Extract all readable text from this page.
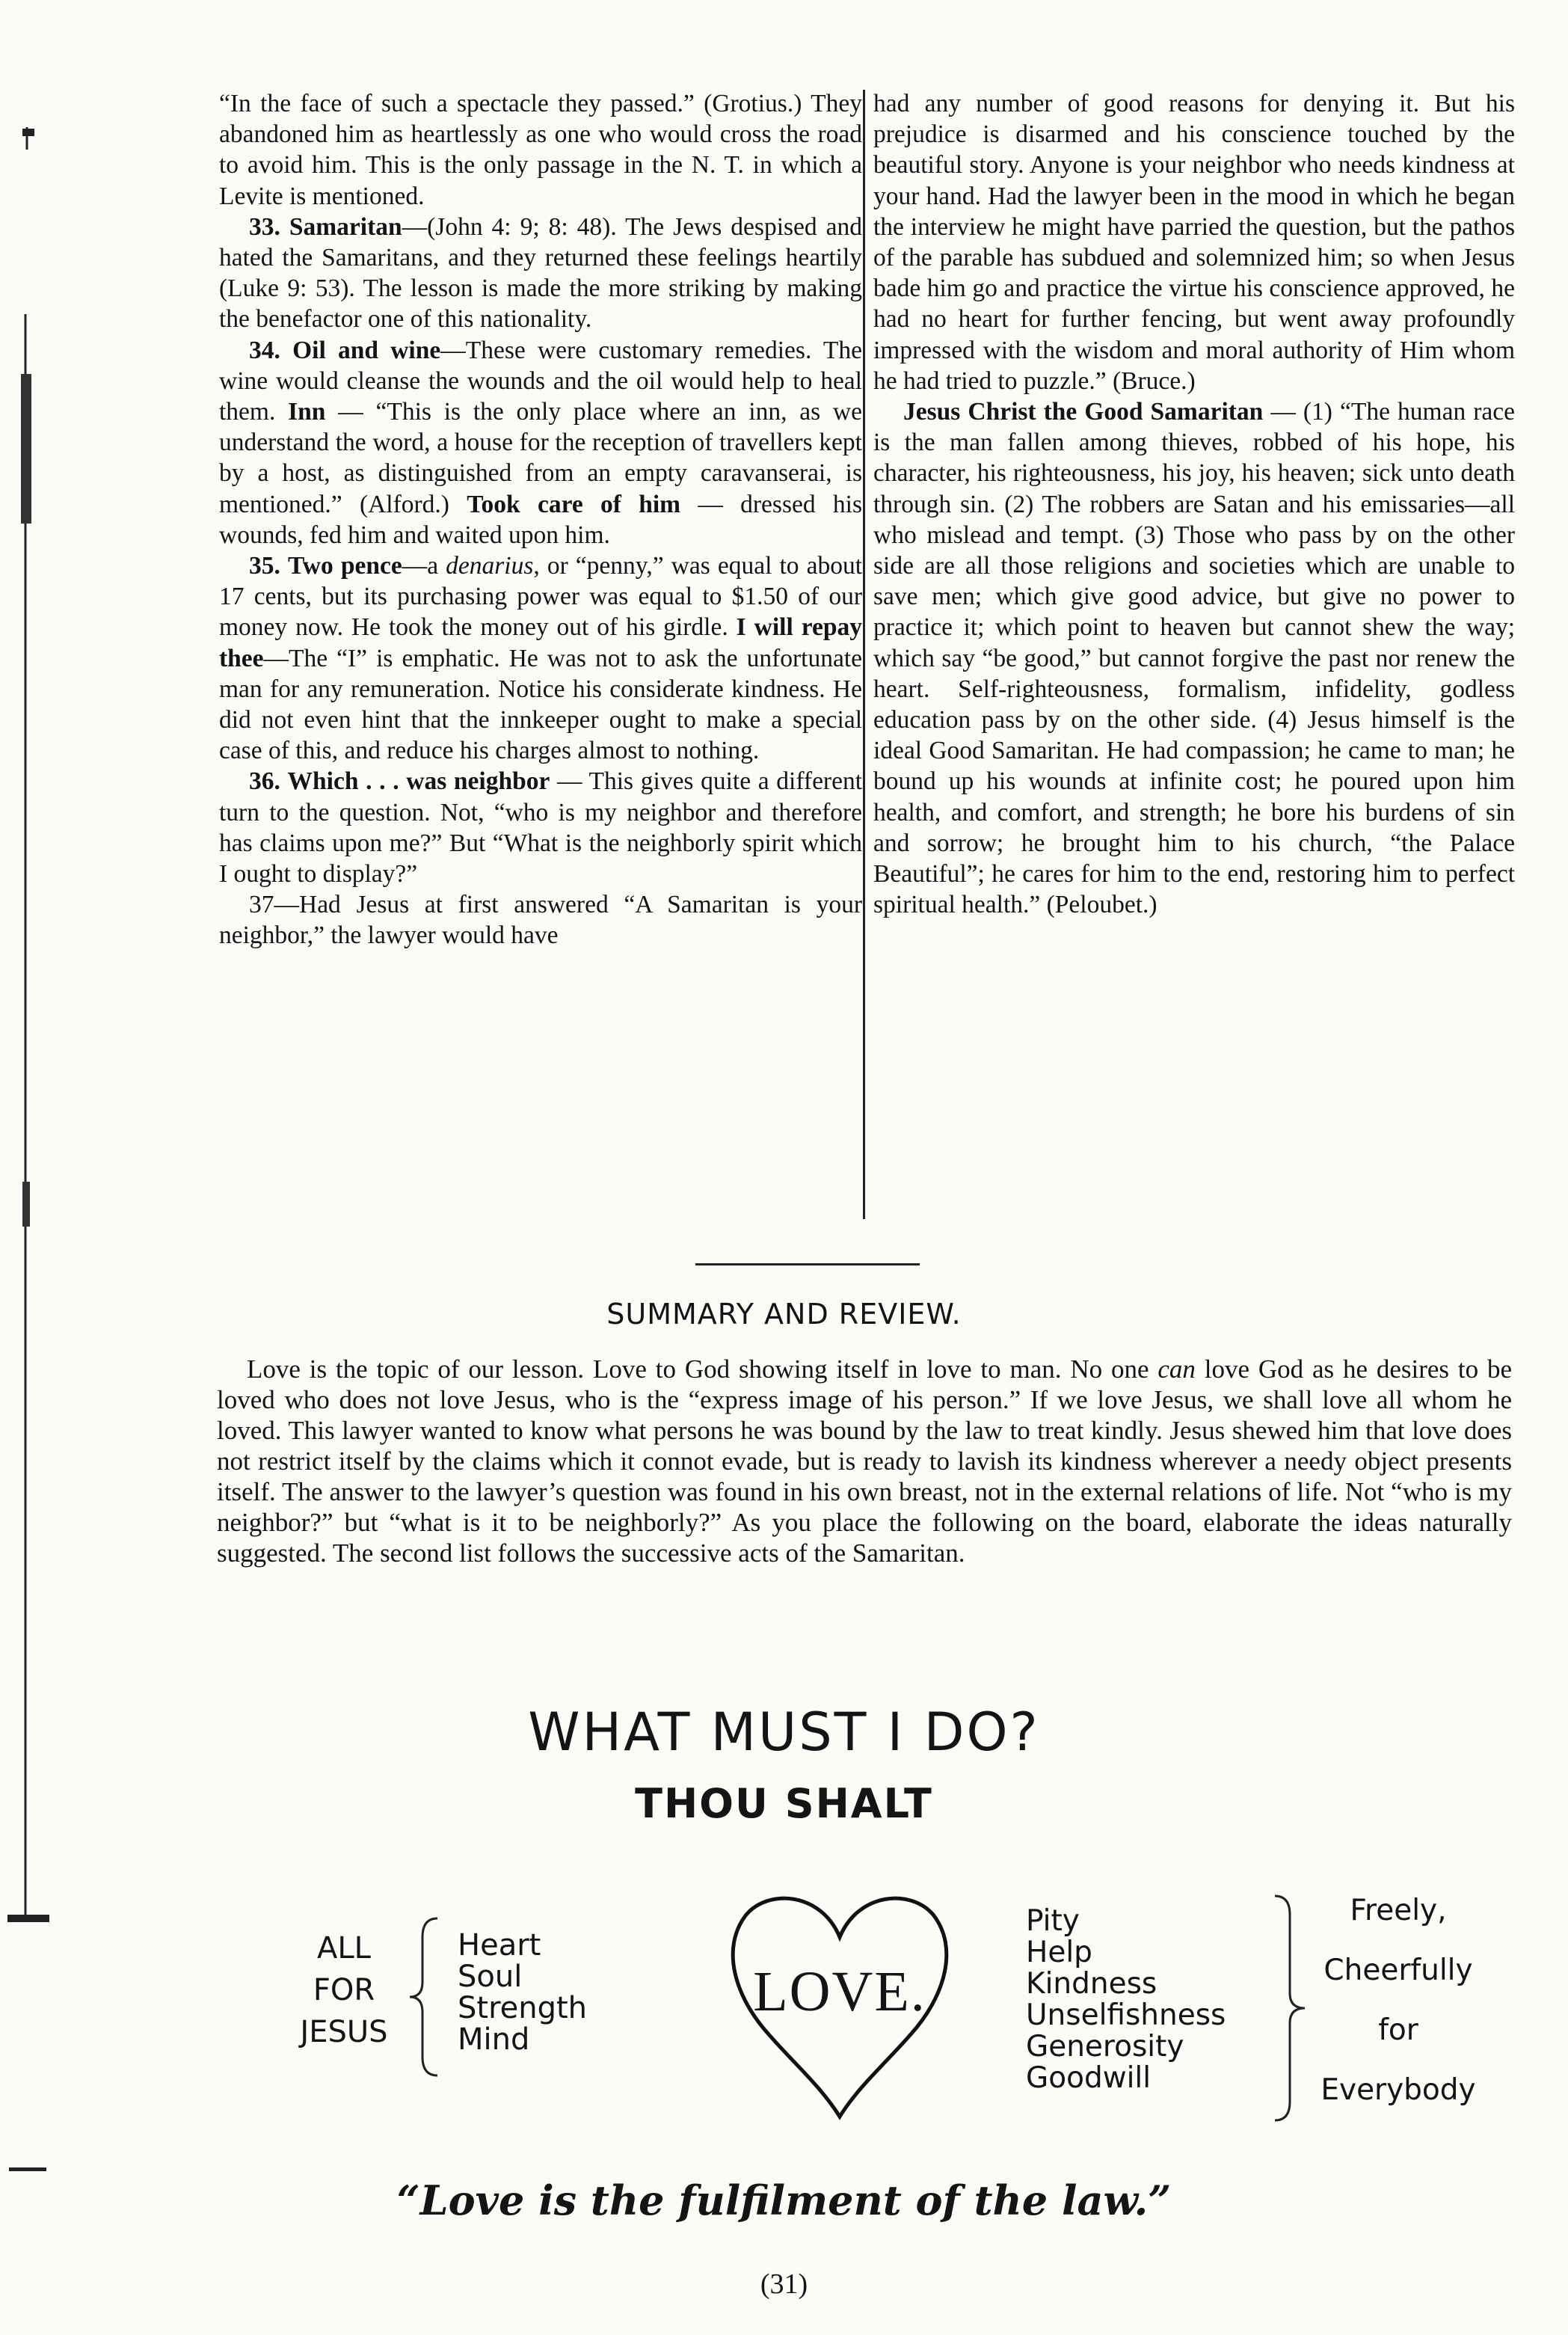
“In the face of such a spectacle they passed.” (Grotius.) They abandoned him as heartlessly as one who would cross the road to avoid him. This is the only passage in the N. T. in which a Levite is mentioned.

33. Samaritan—(John 4: 9; 8: 48). The Jews despised and hated the Samaritans, and they returned these feelings heartily (Luke 9: 53). The lesson is made the more striking by making the benefactor one of this nationality.

34. Oil and wine—These were customary remedies. The wine would cleanse the wounds and the oil would help to heal them. Inn — “This is the only place where an inn, as we understand the word, a house for the reception of travellers kept by a host, as distinguished from an empty caravanserai, is mentioned.” (Alford.) Took care of him — dressed his wounds, fed him and waited upon him.

35. Two pence—a denarius, or “penny,” was equal to about 17 cents, but its purchasing power was equal to $1.50 of our money now. He took the money out of his girdle. I will repay thee—The “I” is emphatic. He was not to ask the unfortunate man for any remuneration. Notice his considerate kindness. He did not even hint that the innkeeper ought to make a special case of this, and reduce his charges almost to nothing.

36. Which . . . was neighbor — This gives quite a different turn to the question. Not, “who is my neighbor and therefore has claims upon me?” But “What is the neighborly spirit which I ought to display?”

37—Had Jesus at first answered “A Samaritan is your neighbor,” the lawyer would have

had any number of good reasons for denying it. But his prejudice is disarmed and his conscience touched by the beautiful story. Anyone is your neighbor who needs kindness at your hand. Had the lawyer been in the mood in which he began the interview he might have parried the question, but the pathos of the parable has subdued and solemnized him; so when Jesus bade him go and practice the virtue his conscience approved, he had no heart for further fencing, but went away profoundly impressed with the wisdom and moral authority of Him whom he had tried to puzzle.” (Bruce.)

Jesus Christ the Good Samaritan — (1) “The human race is the man fallen among thieves, robbed of his hope, his character, his righteousness, his joy, his heaven; sick unto death through sin. (2) The robbers are Satan and his emissaries—all who mislead and tempt. (3) Those who pass by on the other side are all those religions and societies which are unable to save men; which give good advice, but give no power to practice it; which point to heaven but cannot shew the way; which say “be good,” but cannot forgive the past nor renew the heart. Self-righteousness, formalism, infidelity, godless education pass by on the other side. (4) Jesus himself is the ideal Good Samaritan. He had compassion; he came to man; he bound up his wounds at infinite cost; he poured upon him health, and comfort, and strength; he bore his burdens of sin and sorrow; he brought him to his church, “the Palace Beautiful”; he cares for him to the end, restoring him to perfect spiritual health.” (Peloubet.)

SUMMARY AND REVIEW.

Love is the topic of our lesson. Love to God showing itself in love to man. No one can love God as he desires to be loved who does not love Jesus, who is the “express image of his person.” If we love Jesus, we shall love all whom he loved. This lawyer wanted to know what persons he was bound by the law to treat kindly. Jesus shewed him that love does not restrict itself by the claims which it connot evade, but is ready to lavish its kindness wherever a needy object presents itself. The answer to the lawyer’s question was found in his own breast, not in the external relations of life. Not “who is my neighbor?” but “what is it to be neighborly?” As you place the following on the board, elaborate the ideas naturally suggested. The second list follows the successive acts of the Samaritan.

WHAT MUST I DO?
THOU SHALT
ALL
FOR
JESUS
Heart
Soul
Strength
Mind
LOVE.
Pity
Help
Kindness
Unselfishness
Generosity
Goodwill
Freely,
Cheerfully
for
Everybody
“Love is the fulfilment of the law.”
(31)
